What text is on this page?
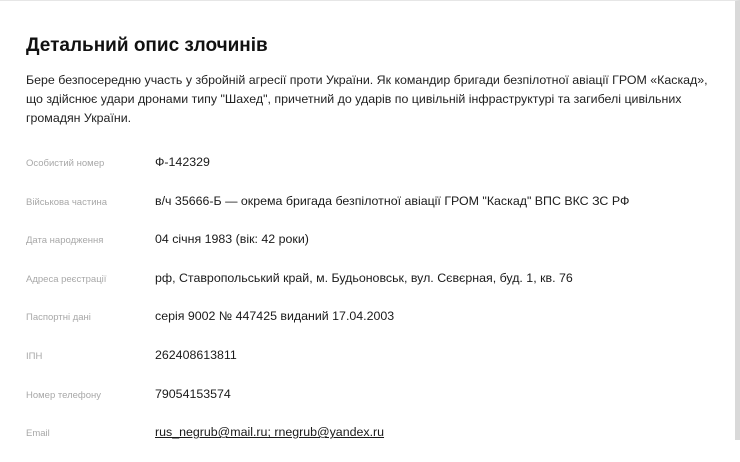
Детальний опис злочинів
Бере безпосередню участь у збройній агресії проти України. Як командир бригади безпілотної авіації ГРОМ «Каскад», що здійснює удари дронами типу "Шахед", причетний до ударів по цивільній інфраструктурі та загибелі цивільних громадян України.
Особистий номер	Ф-142329
Військова частина	в/ч 35666-Б — окрема бригада безпілотної авіації ГРОМ "Каскад" ВПС ВКС ЗС РФ
Дата народження	04 січня 1983 (вік: 42 роки)
Адреса реєстрації	рф, Ставропольський край, м. Будьоновськ, вул. Сєвєрная, буд. 1, кв. 76
Паспортні дані	серія 9002 № 447425 виданий 17.04.2003
ІПН	262408613811
Номер телефону	79054153574
Email	rus_negrub@mail.ru; rnegrub@yandex.ru
